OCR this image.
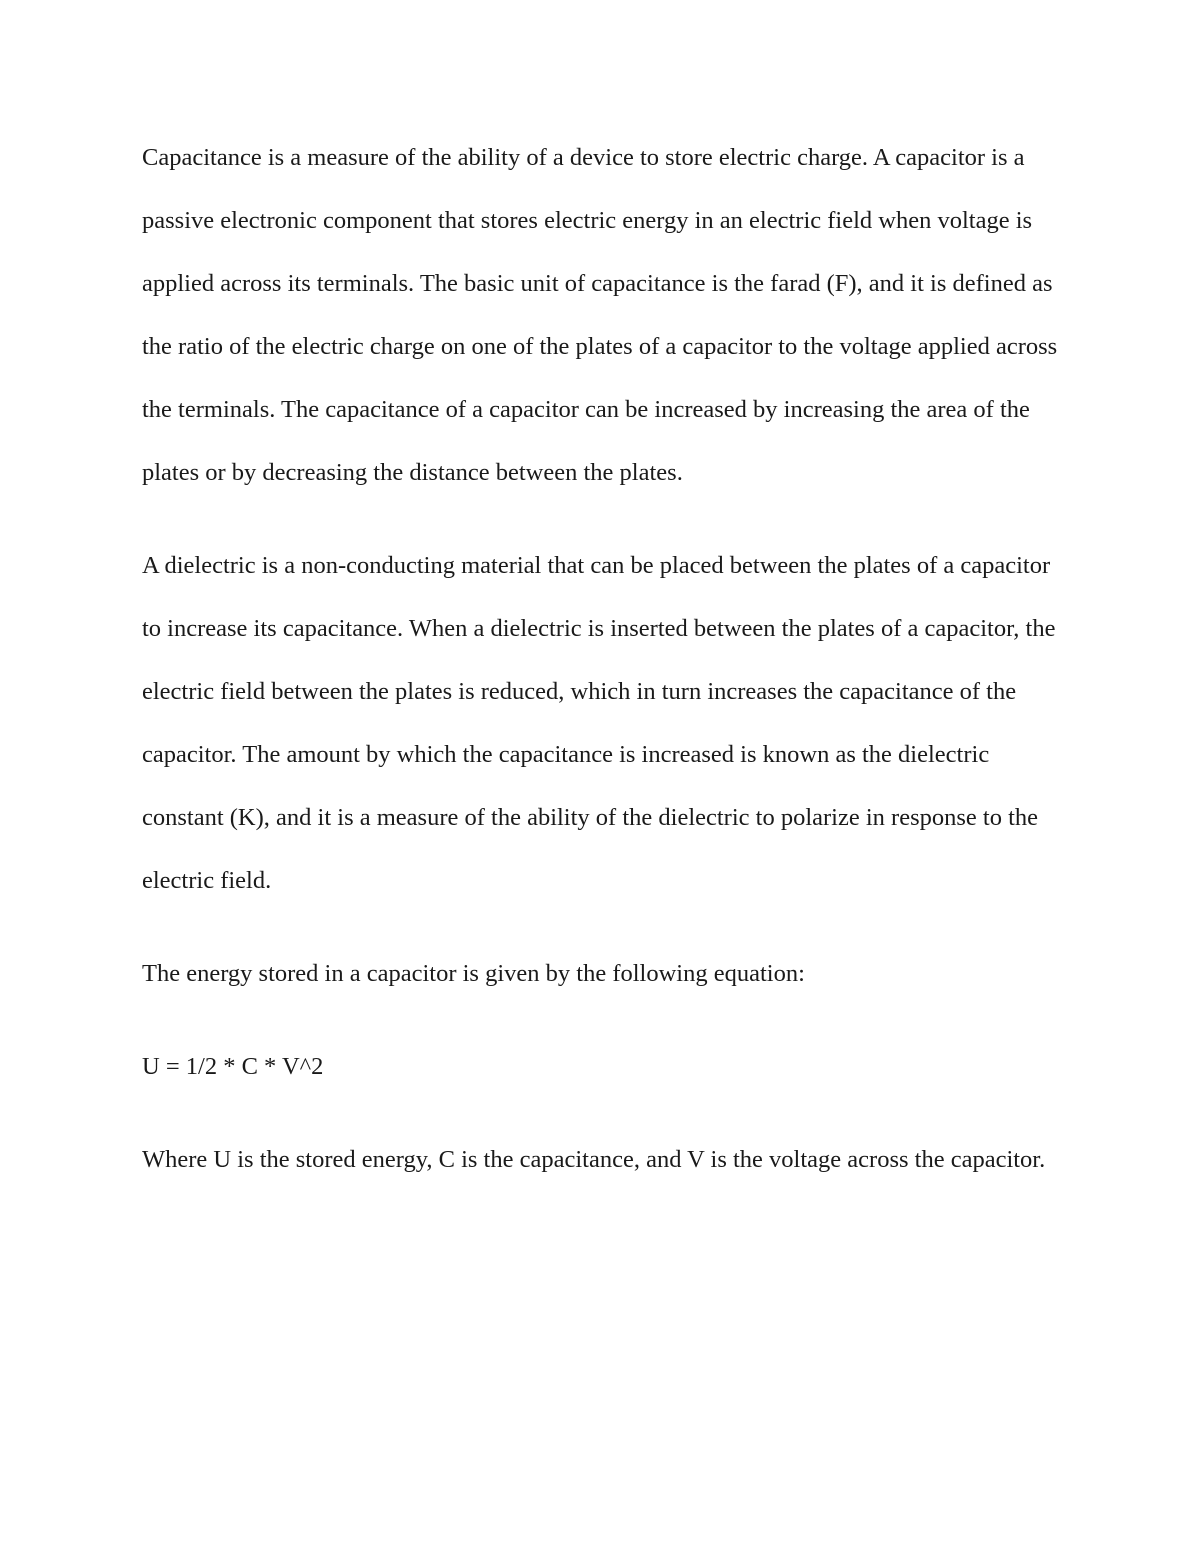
Capacitance is a measure of the ability of a device to store electric charge. A capacitor is a passive electronic component that stores electric energy in an electric field when voltage is applied across its terminals. The basic unit of capacitance is the farad (F), and it is defined as the ratio of the electric charge on one of the plates of a capacitor to the voltage applied across the terminals. The capacitance of a capacitor can be increased by increasing the area of the plates or by decreasing the distance between the plates.

A dielectric is a non-conducting material that can be placed between the plates of a capacitor to increase its capacitance. When a dielectric is inserted between the plates of a capacitor, the electric field between the plates is reduced, which in turn increases the capacitance of the capacitor. The amount by which the capacitance is increased is known as the dielectric constant (K), and it is a measure of the ability of the dielectric to polarize in response to the electric field.

The energy stored in a capacitor is given by the following equation:

U = 1/2 * C * V^2

Where U is the stored energy, C is the capacitance, and V is the voltage across the capacitor.
